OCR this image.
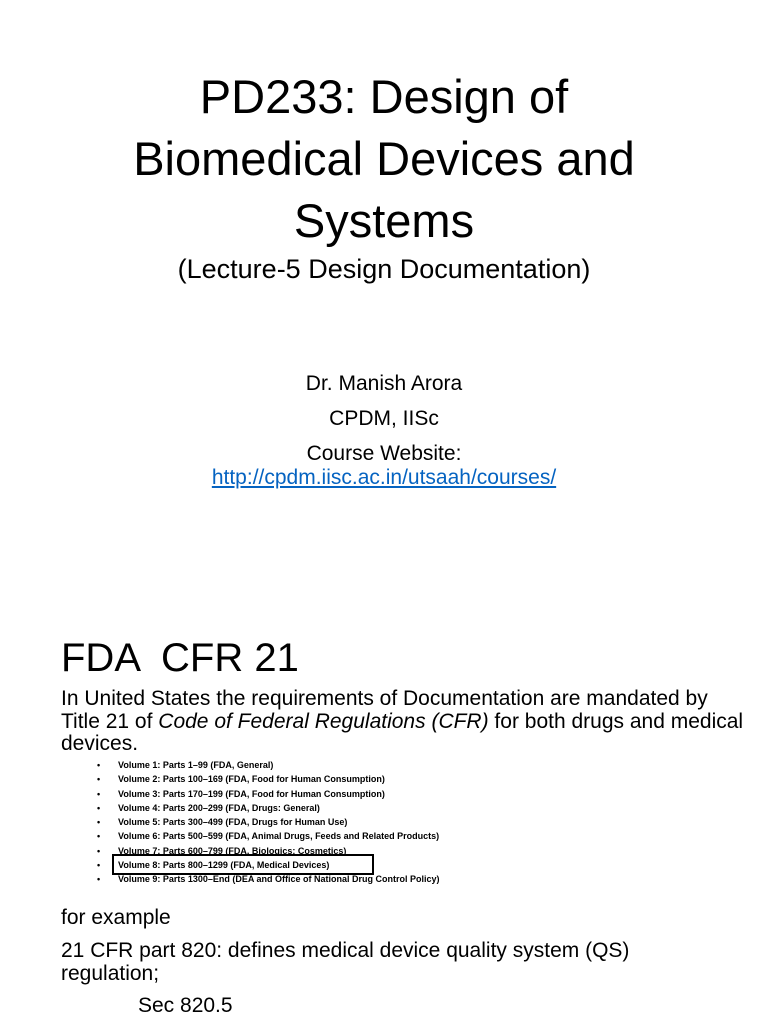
PD233: Design of
Biomedical Devices and
Systems
(Lecture-5 Design Documentation)
Dr. Manish Arora
CPDM, IISc
Course Website:
http://cpdm.iisc.ac.in/utsaah/courses/
FDA  CFR 21
In United States the requirements of Documentation are mandated by Title 21 of Code of Federal Regulations (CFR) for both drugs and medical devices.
• Volume 1: Parts 1–99 (FDA, General)
• Volume 2: Parts 100–169 (FDA, Food for Human Consumption)
• Volume 3: Parts 170–199 (FDA, Food for Human Consumption)
• Volume 4: Parts 200–299 (FDA, Drugs: General)
• Volume 5: Parts 300–499 (FDA, Drugs for Human Use)
• Volume 6: Parts 500–599 (FDA, Animal Drugs, Feeds and Related Products)
• Volume 7: Parts 600–799 (FDA, Biologics; Cosmetics)
• Volume 8: Parts 800–1299 (FDA, Medical Devices)
• Volume 9: Parts 1300–End (DEA and Office of National Drug Control Policy)
for example
21 CFR part 820: defines medical device quality system (QS) regulation;
Sec 820.5
